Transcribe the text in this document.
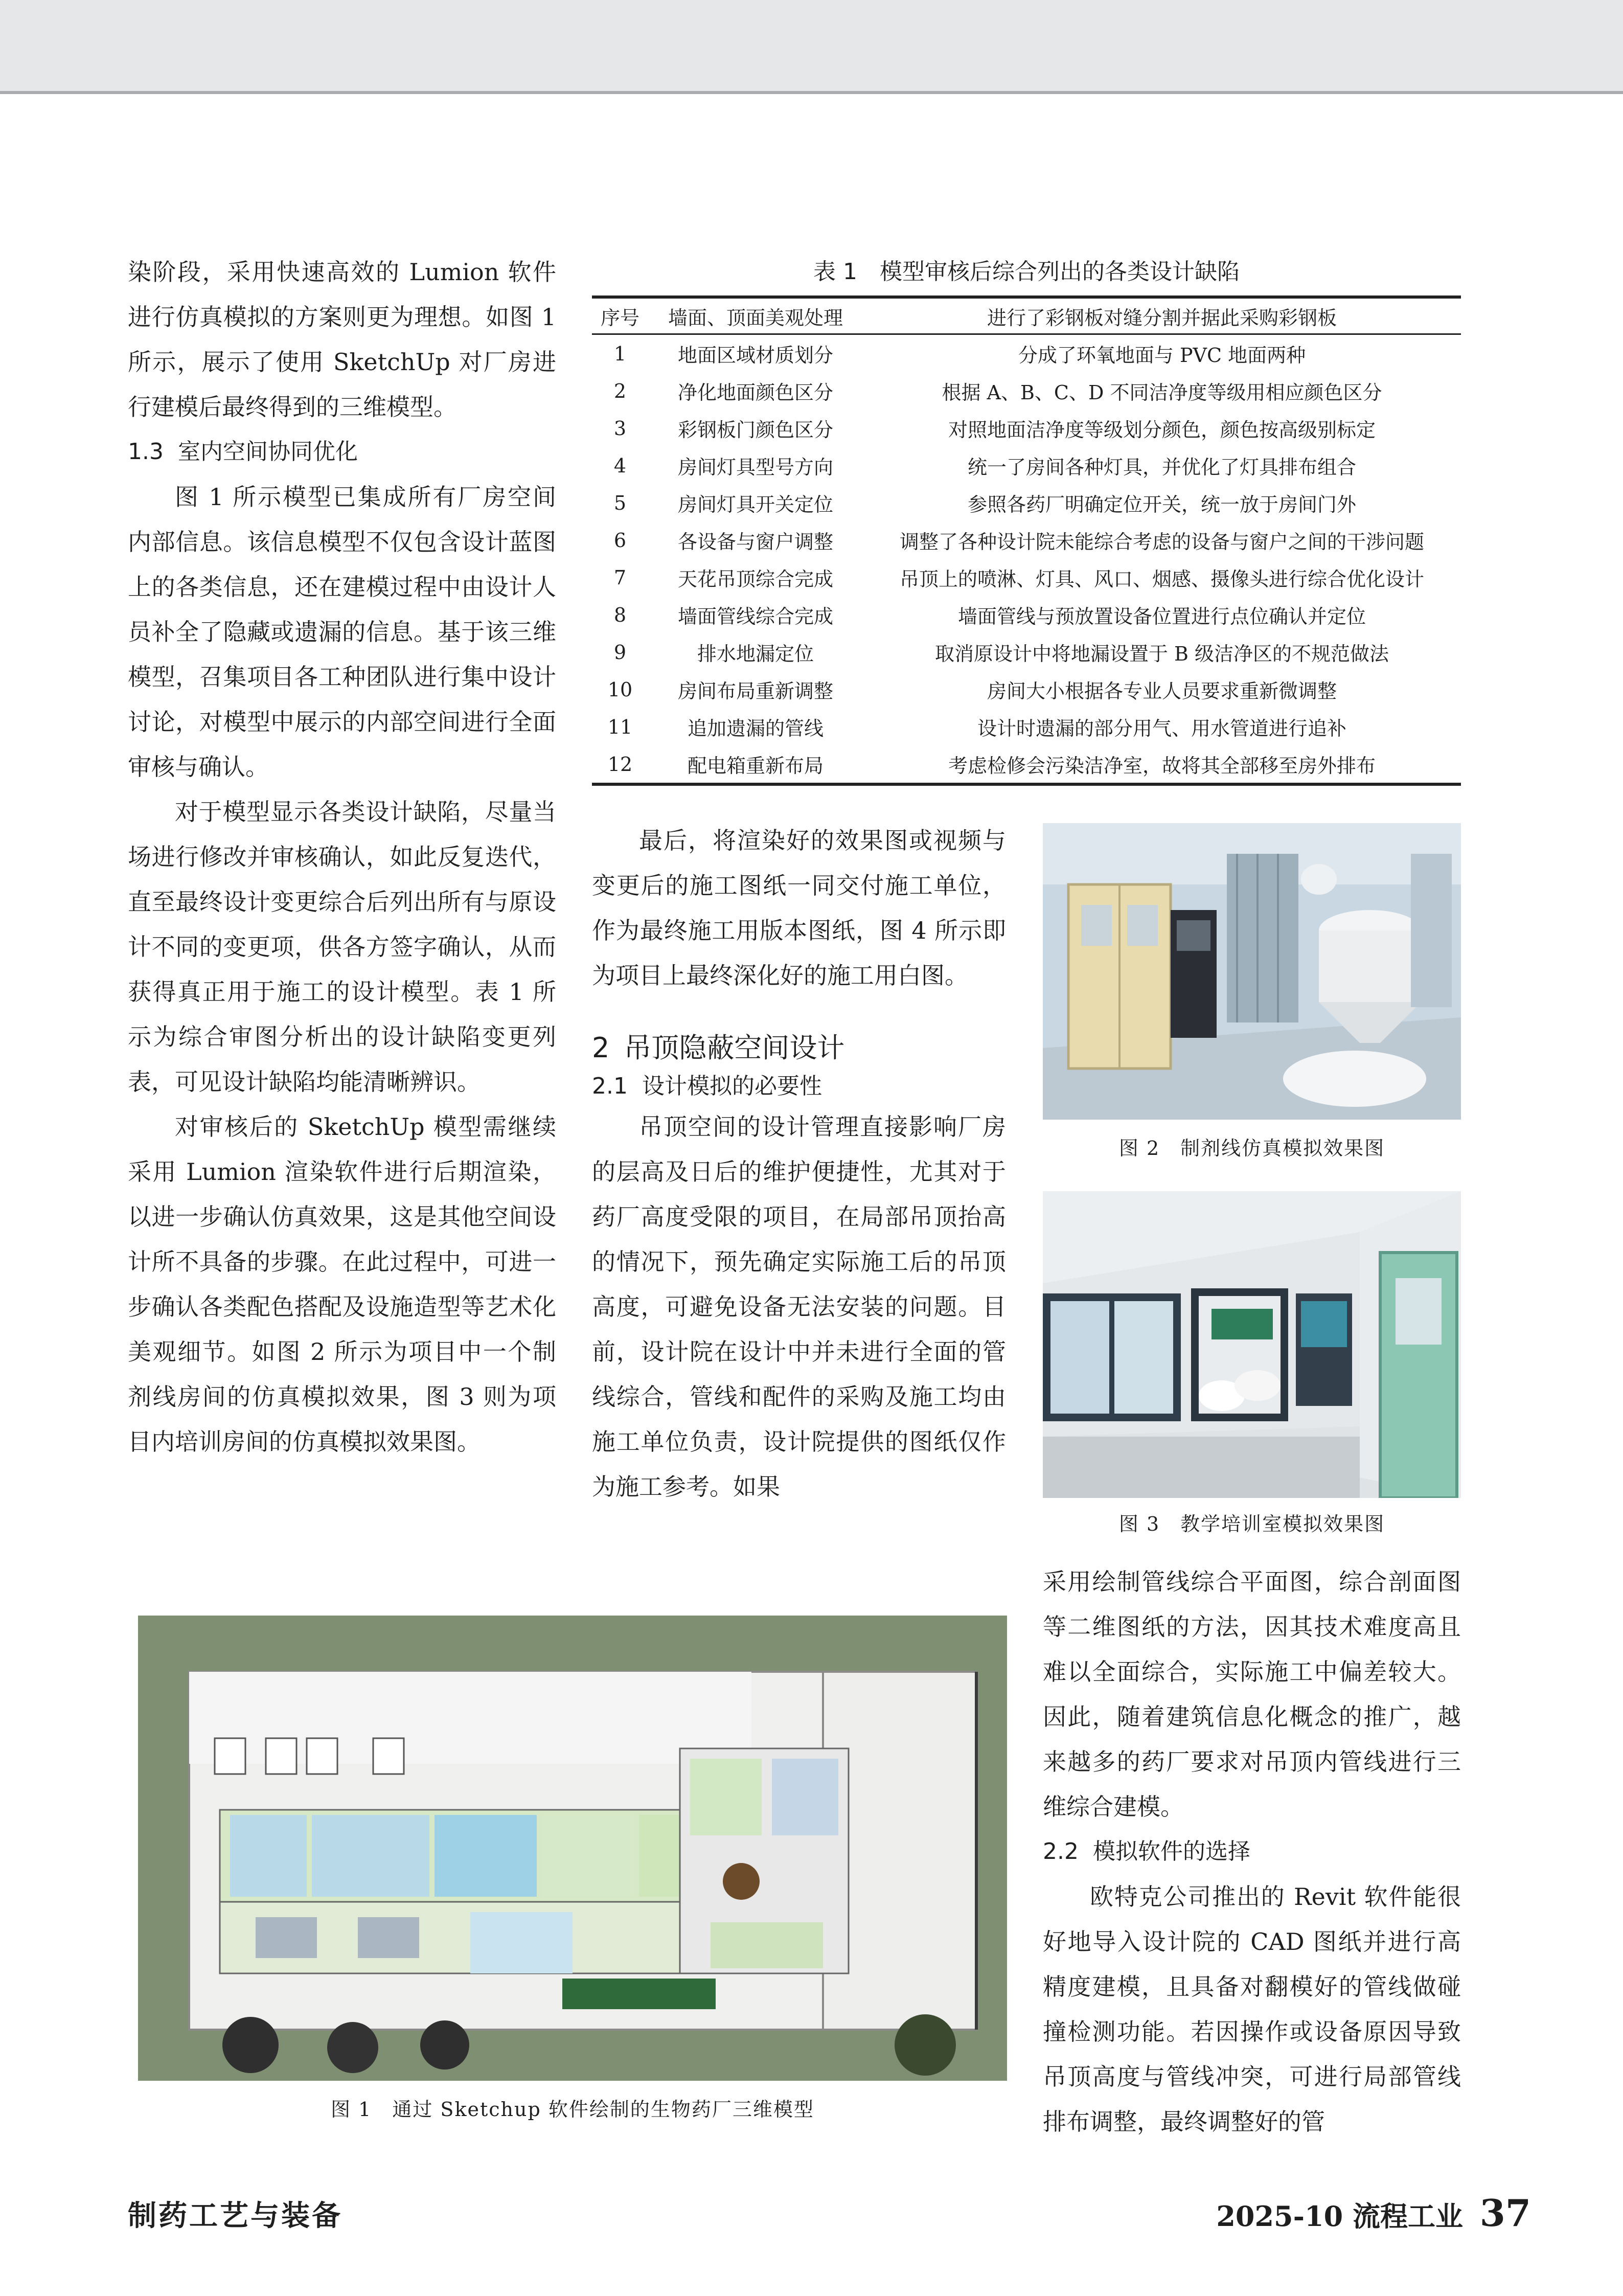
染阶段，采用快速高效的 Lumion 软件进行仿真模拟的方案则更为理想。如图 1 所示，展示了使用 SketchUp 对厂房进行建模后最终得到的三维模型。

1.3 室内空间协同优化

图 1 所示模型已集成所有厂房空间内部信息。该信息模型不仅包含设计蓝图上的各类信息，还在建模过程中由设计人员补全了隐藏或遗漏的信息。基于该三维模型，召集项目各工种团队进行集中设计讨论，对模型中展示的内部空间进行全面审核与确认。

对于模型显示各类设计缺陷，尽量当场进行修改并审核确认，如此反复迭代，直至最终设计变更综合后列出所有与原设计不同的变更项，供各方签字确认，从而获得真正用于施工的设计模型。表 1 所示为综合审图分析出的设计缺陷变更列表，可见设计缺陷均能清晰辨识。

对审核后的 SketchUp 模型需继续采用 Lumion 渲染软件进行后期渲染，以进一步确认仿真效果，这是其他空间设计所不具备的步骤。在此过程中，可进一步确认各类配色搭配及设施造型等艺术化美观细节。如图 2 所示为项目中一个制剂线房间的仿真模拟效果，图 3 则为项目内培训房间的仿真模拟效果图。

表 1　模型审核后综合列出的各类设计缺陷

序号	墙面、顶面美观处理	进行了彩钢板对缝分割并据此采购彩钢板
1	地面区域材质划分	分成了环氧地面与 PVC 地面两种
2	净化地面颜色区分	根据 A、B、C、D 不同洁净度等级用相应颜色区分
3	彩钢板门颜色区分	对照地面洁净度等级划分颜色，颜色按高级别标定
4	房间灯具型号方向	统一了房间各种灯具，并优化了灯具排布组合
5	房间灯具开关定位	参照各药厂明确定位开关，统一放于房间门外
6	各设备与窗户调整	调整了各种设计院未能综合考虑的设备与窗户之间的干涉问题
7	天花吊顶综合完成	吊顶上的喷淋、灯具、风口、烟感、摄像头进行综合优化设计
8	墙面管线综合完成	墙面管线与预放置设备位置进行点位确认并定位
9	排水地漏定位	取消原设计中将地漏设置于 B 级洁净区的不规范做法
10	房间布局重新调整	房间大小根据各专业人员要求重新微调整
11	追加遗漏的管线	设计时遗漏的部分用气、用水管道进行追补
12	配电箱重新布局	考虑检修会污染洁净室，故将其全部移至房外排布

最后，将渲染好的效果图或视频与变更后的施工图纸一同交付施工单位，作为最终施工用版本图纸，图 4 所示即为项目上最终深化好的施工用白图。

2 吊顶隐蔽空间设计

2.1 设计模拟的必要性

吊顶空间的设计管理直接影响厂房的层高及日后的维护便捷性，尤其对于药厂高度受限的项目，在局部吊顶抬高的情况下，预先确定实际施工后的吊顶高度，可避免设备无法安装的问题。目前，设计院在设计中并未进行全面的管线综合，管线和配件的采购及施工均由施工单位负责，设计院提供的图纸仅作为施工参考。如果

图 2　制剂线仿真模拟效果图
图 3　教学培训室模拟效果图

采用绘制管线综合平面图，综合剖面图等二维图纸的方法，因其技术难度高且难以全面综合，实际施工中偏差较大。因此，随着建筑信息化概念的推广，越来越多的药厂要求对吊顶内管线进行三维综合建模。

2.2 模拟软件的选择

欧特克公司推出的 Revit 软件能很好地导入设计院的 CAD 图纸并进行高精度建模，且具备对翻模好的管线做碰撞检测功能。若因操作或设备原因导致吊顶高度与管线冲突，可进行局部管线排布调整，最终调整好的管

图 1　通过 Sketchup 软件绘制的生物药厂三维模型
制药工艺与装备	2025-10 流程工业 37
